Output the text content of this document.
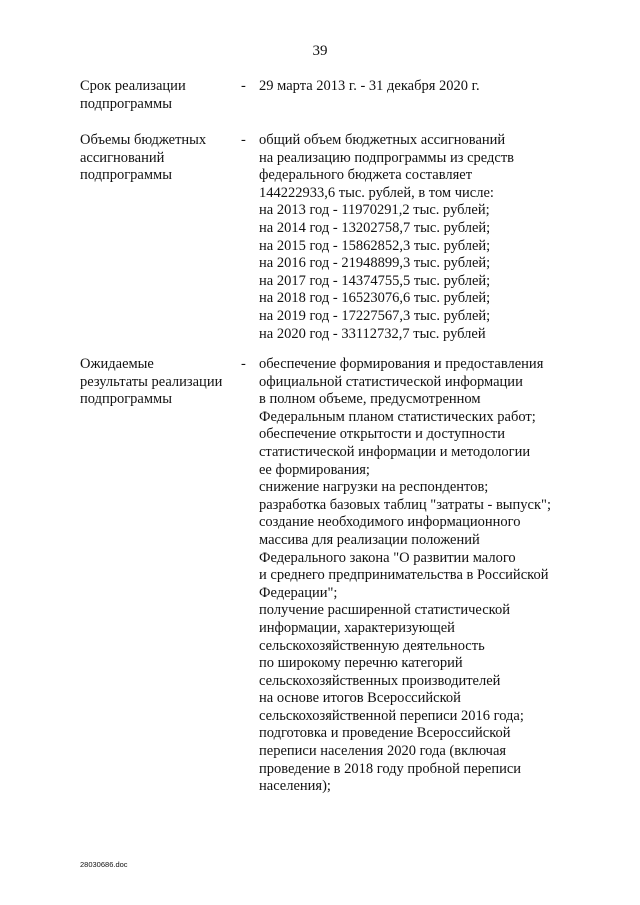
39
Срок реализации
подпрограммы
- 29 марта 2013 г. - 31 декабря 2020 г.
Объемы бюджетных
ассигнований
подпрограммы
- общий объем бюджетных ассигнований
на реализацию подпрограммы из средств
федерального бюджета составляет
144222933,6 тыс. рублей, в том числе:
на 2013 год - 11970291,2 тыс. рублей;
на 2014 год - 13202758,7 тыс. рублей;
на 2015 год - 15862852,3 тыс. рублей;
на 2016 год - 21948899,3 тыс. рублей;
на 2017 год - 14374755,5 тыс. рублей;
на 2018 год - 16523076,6 тыс. рублей;
на 2019 год - 17227567,3 тыс. рублей;
на 2020 год - 33112732,7 тыс. рублей
Ожидаемые
результаты реализации
подпрограммы
- обеспечение формирования и предоставления
официальной статистической информации
в полном объеме, предусмотренном
Федеральным планом статистических работ;
обеспечение открытости и доступности
статистической информации и методологии
ее формирования;
снижение нагрузки на респондентов;
разработка базовых таблиц "затраты - выпуск";
создание необходимого информационного
массива для реализации положений
Федерального закона "О развитии малого
и среднего предпринимательства в Российской
Федерации";
получение расширенной статистической
информации, характеризующей
сельскохозяйственную деятельность
по широкому перечню категорий
сельскохозяйственных производителей
на основе итогов Всероссийской
сельскохозяйственной переписи 2016 года;
подготовка и проведение Всероссийской
переписи населения 2020 года (включая
проведение в 2018 году пробной переписи
населения);
28030686.doc
